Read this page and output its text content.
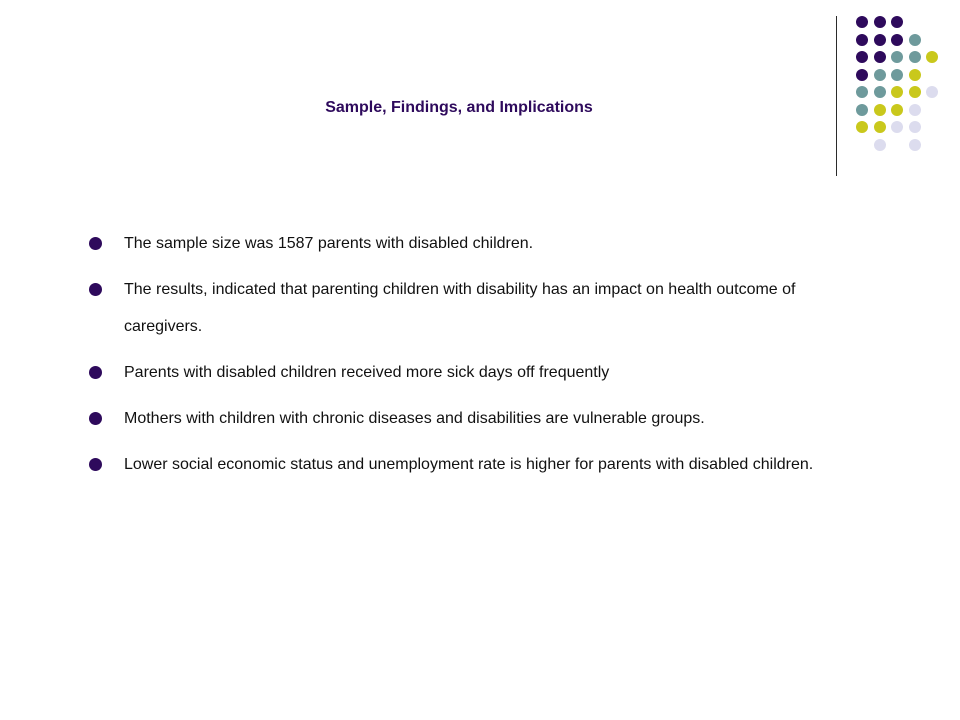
Sample, Findings, and Implications
The sample size was 1587 parents with disabled children.
The results, indicated that parenting children with disability has an impact on health outcome of caregivers.
Parents with disabled children received more sick days off frequently
Mothers with children with chronic diseases and disabilities are vulnerable groups.
Lower social economic status and unemployment rate is higher for parents with disabled children.
